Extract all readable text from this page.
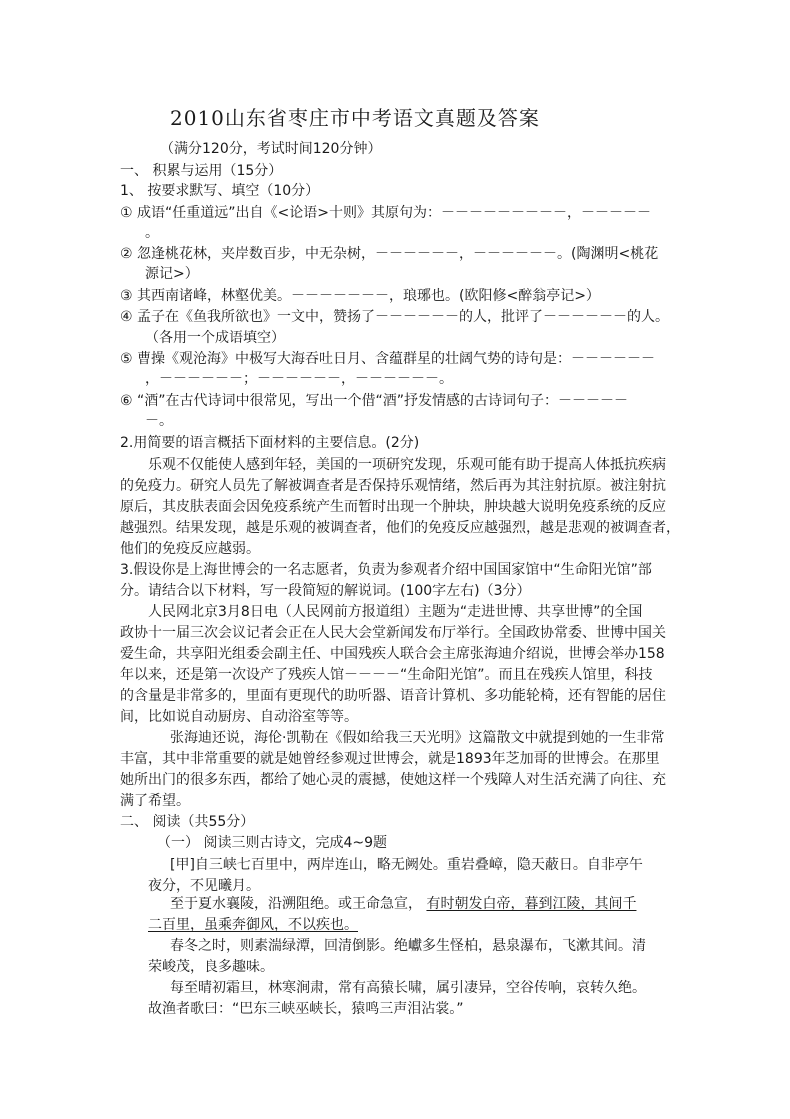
2010山东省枣庄市中考语文真题及答案
（满分120分，考试时间120分钟）
一、 积累与运用（15分）
1、 按要求默写、填空（10分）
① 成语“任重道远”出自《<论语>十则》其原句为：－－－－－－－－－，－－－－－
。
② 忽逢桃花林，夹岸数百步，中无杂树，－－－－－－，－－－－－－。(陶渊明<桃花
源记>）
③ 其西南诸峰，林壑优美。－－－－－－－，琅琊也。(欧阳修<醉翁亭记>）
④ 孟子在《鱼我所欲也》一文中，赞扬了－－－－－－的人，批评了－－－－－－的人。
（各用一个成语填空）
⑤ 曹操《观沧海》中极写大海吞吐日月、含蕴群星的壮阔气势的诗句是：－－－－－－
，－－－－－－；－－－－－－，－－－－－－。
⑥ “酒”在古代诗词中很常见，写出一个借“酒”抒发情感的古诗词句子：－－－－－
－。
2.用简要的语言概括下面材料的主要信息。(2分)
乐观不仅能使人感到年轻，美国的一项研究发现，乐观可能有助于提高人体抵抗疾病
的免疫力。研究人员先了解被调查者是否保持乐观情绪，然后再为其注射抗原。被注射抗
原后，其皮肤表面会因免疫系统产生而暂时出现一个肿块，肿块越大说明免疫系统的反应
越强烈。结果发现，越是乐观的被调查者，他们的免疫反应越强烈，越是悲观的被调查者，
他们的免疫反应越弱。
3.假设你是上海世博会的一名志愿者，负责为参观者介绍中国国家馆中“生命阳光馆”部
分。请结合以下材料，写一段简短的解说词。(100字左右)（3分）
人民网北京3月8日电（人民网前方报道组）主题为“走进世博、共享世博”的全国
政协十一届三次会议记者会正在人民大会堂新闻发布厅举行。全国政协常委、世博中国关
爱生命，共享阳光组委会副主任、中国残疾人联合会主席张海迪介绍说，世博会举办158
年以来，还是第一次设产了残疾人馆－－－－“生命阳光馆”。而且在残疾人馆里，科技
的含量是非常多的，里面有更现代的助听器、语音计算机、多功能轮椅，还有智能的居住
间，比如说自动厨房、自动浴室等等。
张海迪还说，海伦·凯勒在《假如给我三天光明》这篇散文中就提到她的一生非常
丰富，其中非常重要的就是她曾经参观过世博会，就是1893年芝加哥的世博会。在那里
她所出门的很多东西，都给了她心灵的震撼，使她这样一个残障人对生活充满了向往、充
满了希望。
二、 阅读（共55分）
（一） 阅读三则古诗文，完成4~9题
[甲]自三峡七百里中，两岸连山，略无阙处。重岩叠嶂，隐天蔽日。自非亭午
夜分，不见曦月。
春冬之时，则素湍绿潭，回清倒影。绝巘多生怪柏，悬泉瀑布，飞漱其间。清
荣峻茂，良多趣味。
每至晴初霜旦，林寒涧肃，常有高猿长啸，属引凄异，空谷传响，哀转久绝。
故渔者歌曰：“巴东三峡巫峡长，猿鸣三声泪沾裳。”
至于夏水襄陵，沿溯阻绝。或王命急宣， 有时朝发白帝，暮到江陵，其间千
二百里，虽乘奔御风，不以疾也。
